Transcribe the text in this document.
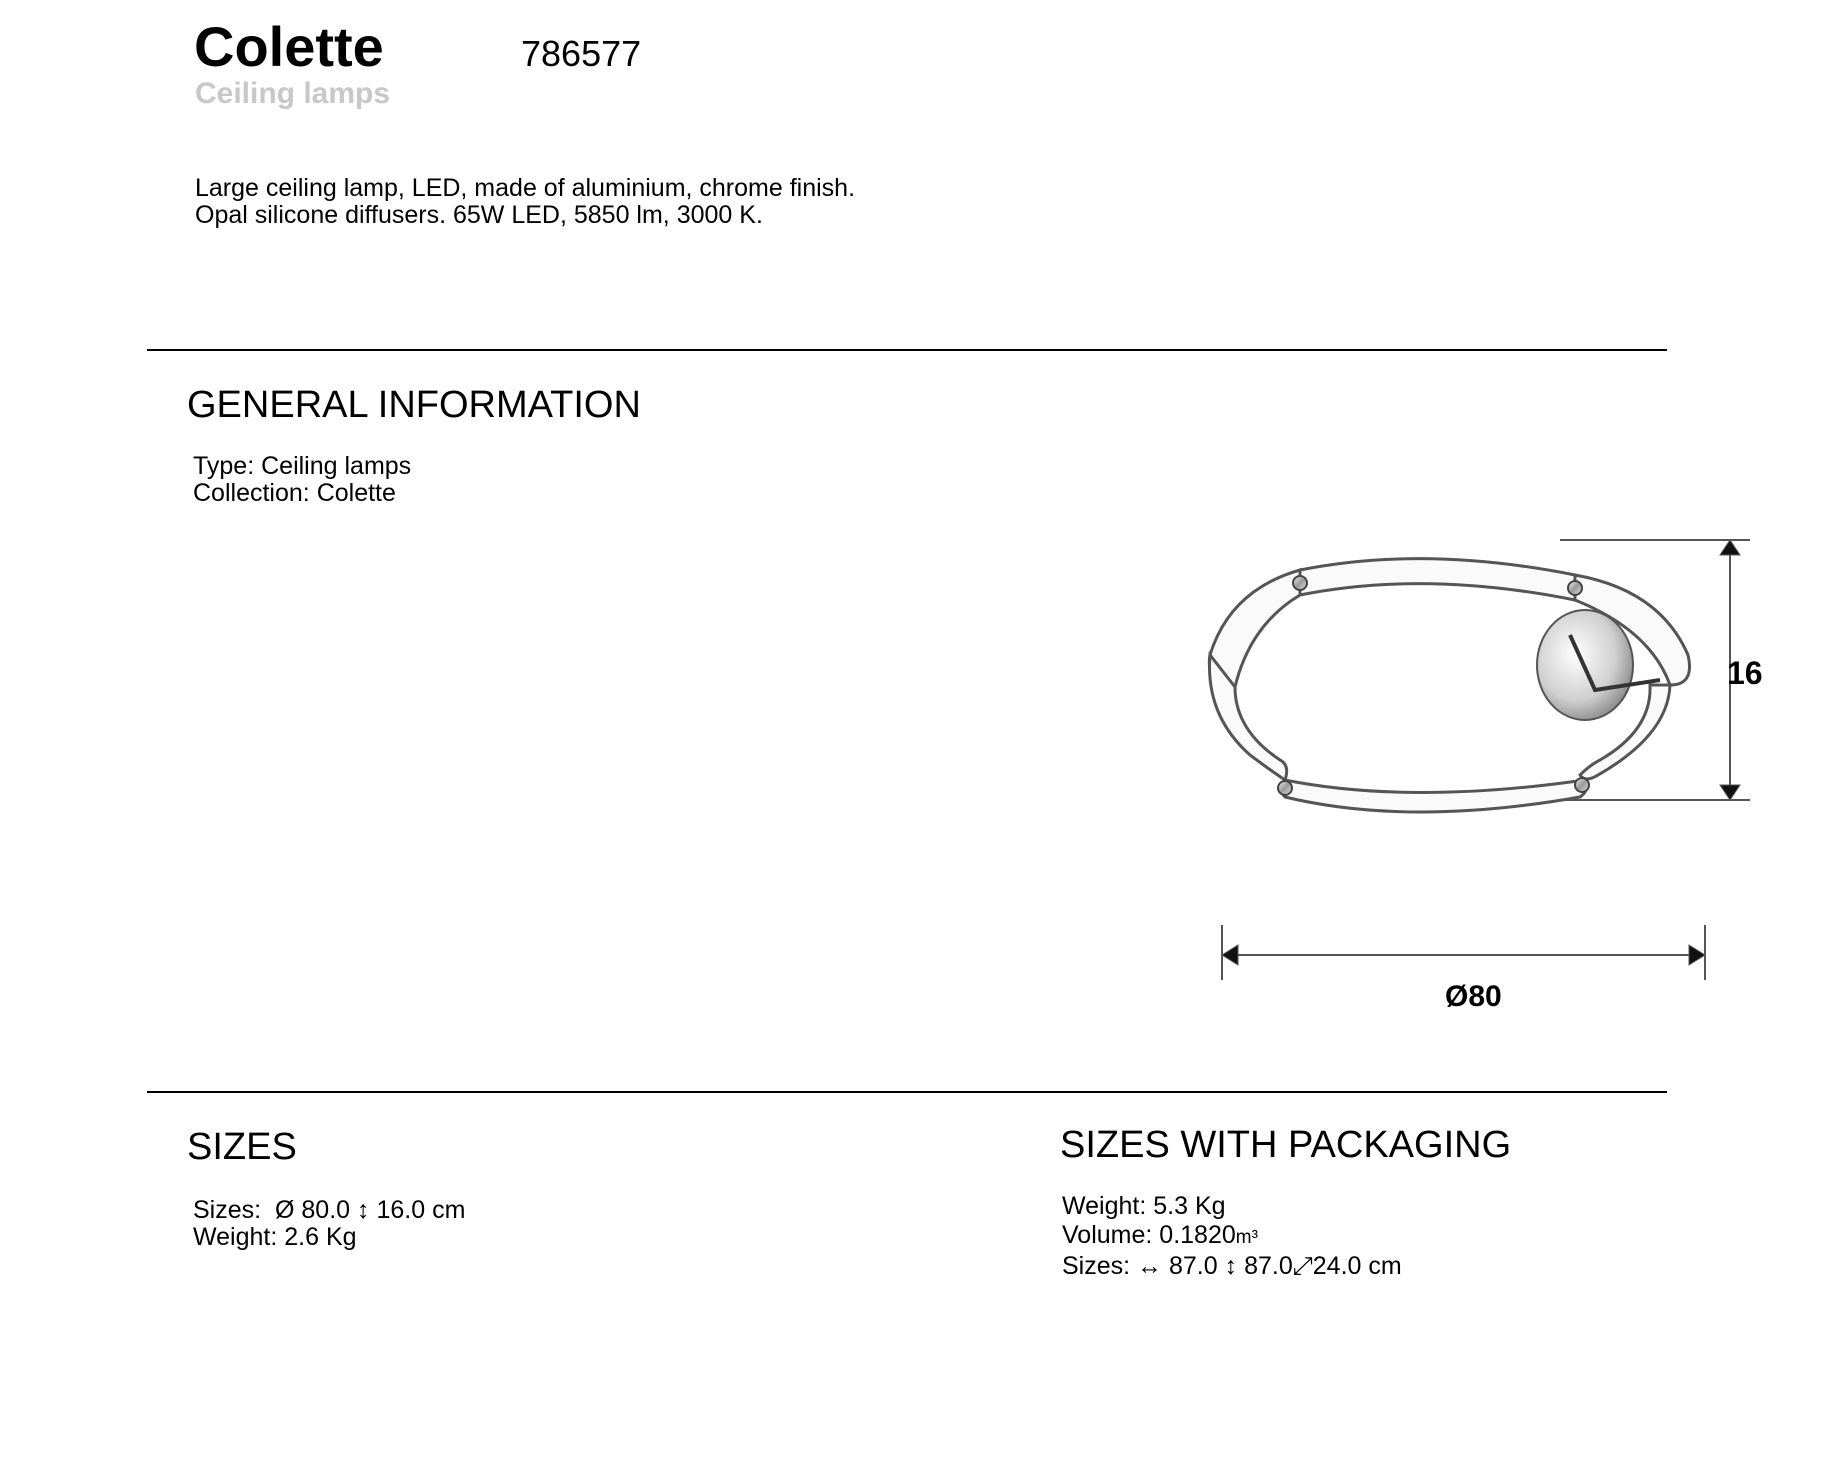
Colette	786577
Ceiling lamps
Large ceiling lamp, LED, made of aluminium, chrome finish.
Opal silicone diffusers. 65W LED, 5850 lm, 3000 K.
GENERAL INFORMATION
Type: Ceiling lamps
Collection: Colette
16
Ø80
SIZES
Sizes: Ø 80.0 ↕ 16.0 cm
Weight: 2.6 Kg
SIZES WITH PACKAGING
Weight: 5.3 Kg
Volume: 0.1820m³
Sizes: ↔ 87.0 ↕ 87.0⤢24.0 cm
